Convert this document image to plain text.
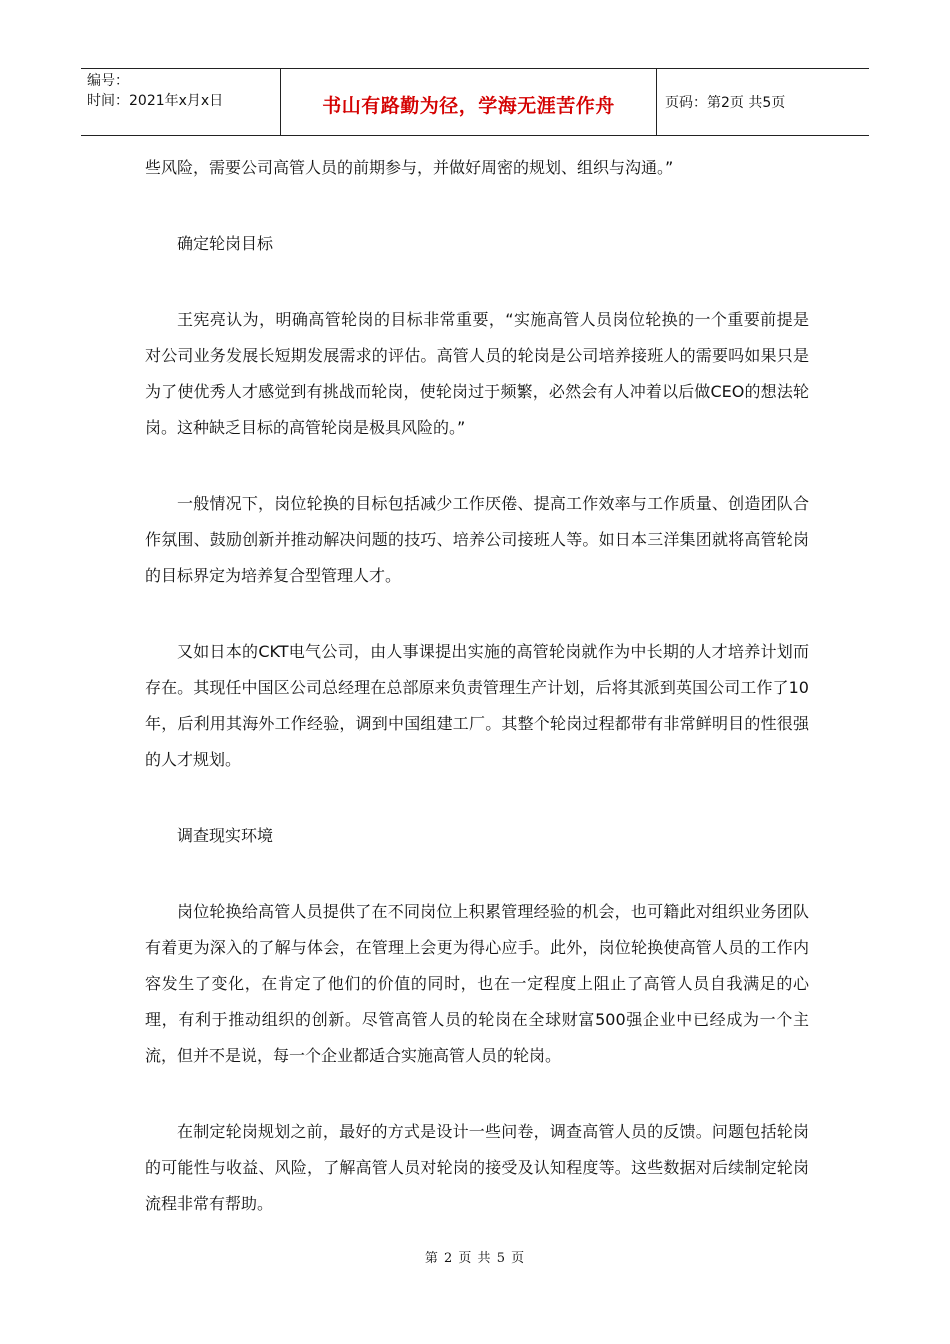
编号：
时间：2021年x月x日	书山有路勤为径，学海无涯苦作舟	页码：第2页 共5页

些风险，需要公司高管人员的前期参与，并做好周密的规划、组织与沟通。”

确定轮岗目标

王宪亮认为，明确高管轮岗的目标非常重要，“实施高管人员岗位轮换的一个重要前提是对公司业务发展长短期发展需求的评估。高管人员的轮岗是公司培养接班人的需要吗如果只是为了使优秀人才感觉到有挑战而轮岗，使轮岗过于频繁，必然会有人冲着以后做CEO的想法轮岗。这种缺乏目标的高管轮岗是极具风险的。”

一般情况下，岗位轮换的目标包括减少工作厌倦、提高工作效率与工作质量、创造团队合作氛围、鼓励创新并推动解决问题的技巧、培养公司接班人等。如日本三洋集团就将高管轮岗的目标界定为培养复合型管理人才。

又如日本的CKT电气公司，由人事课提出实施的高管轮岗就作为中长期的人才培养计划而存在。其现任中国区公司总经理在总部原来负责管理生产计划，后将其派到英国公司工作了10年，后利用其海外工作经验，调到中国组建工厂。其整个轮岗过程都带有非常鲜明目的性很强的人才规划。

调查现实环境

岗位轮换给高管人员提供了在不同岗位上积累管理经验的机会，也可籍此对组织业务团队有着更为深入的了解与体会，在管理上会更为得心应手。此外，岗位轮换使高管人员的工作内容发生了变化，在肯定了他们的价值的同时，也在一定程度上阻止了高管人员自我满足的心理，有利于推动组织的创新。尽管高管人员的轮岗在全球财富500强企业中已经成为一个主流，但并不是说，每一个企业都适合实施高管人员的轮岗。

在制定轮岗规划之前，最好的方式是设计一些问卷，调查高管人员的反馈。问题包括轮岗的可能性与收益、风险，了解高管人员对轮岗的接受及认知程度等。这些数据对后续制定轮岗流程非常有帮助。

第 2 页 共 5 页
